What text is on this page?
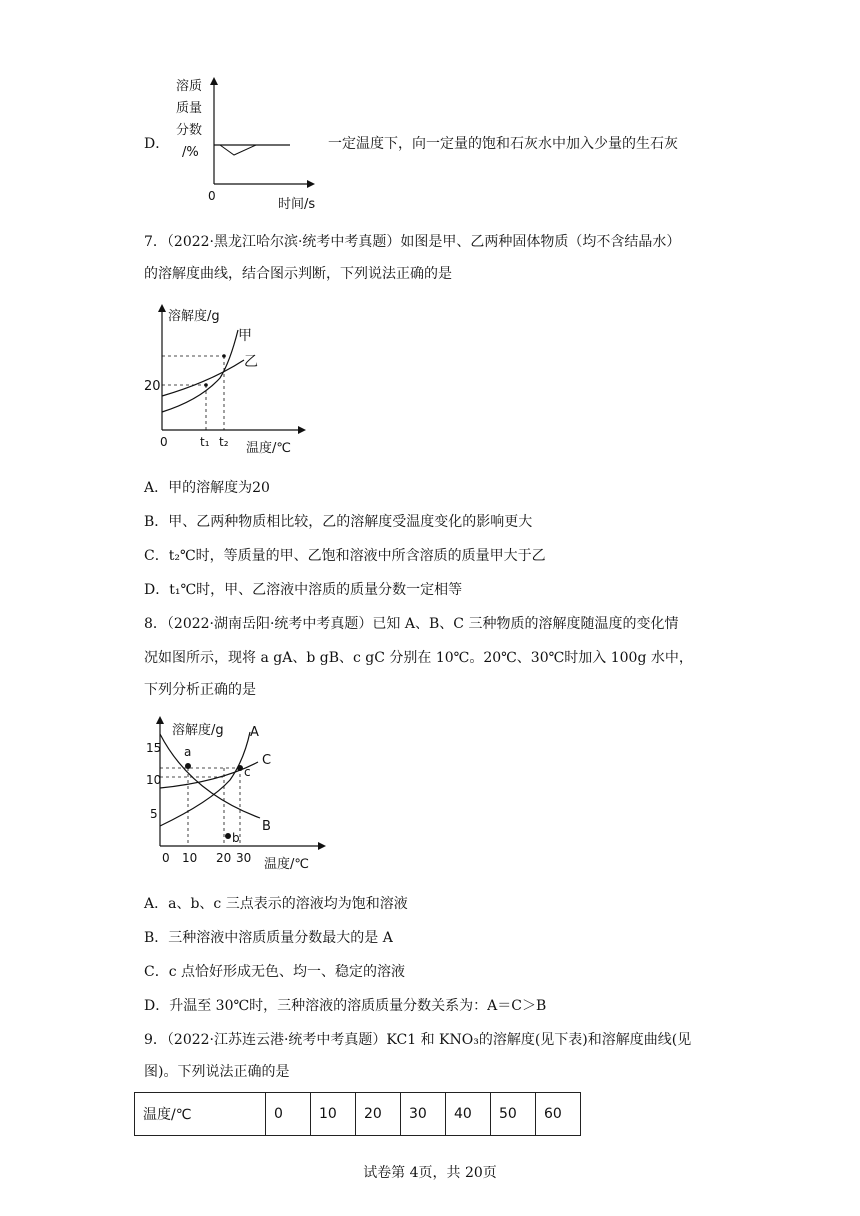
D．
溶质
质量
分数
/%
0
时间/s
一定温度下，向一定量的饱和石灰水中加入少量的生石灰
7．（2022·黑龙江哈尔滨·统考中考真题）如图是甲、乙两种固体物质（均不含结晶水）
的溶解度曲线，结合图示判断，下列说法正确的是
溶解度/g
甲
乙
20
0	t₁ t₂ 温度/℃
A．甲的溶解度为20
B．甲、乙两种物质相比较，乙的溶解度受温度变化的影响更大
C．t₂℃时，等质量的甲、乙饱和溶液中所含溶质的质量甲大于乙
D．t₁℃时，甲、乙溶液中溶质的质量分数一定相等
8．（2022·湖南岳阳·统考中考真题）已知 A、B、C 三种物质的溶解度随温度的变化情
况如图所示，现将 a gA、b gB、c gC 分别在 10℃。20℃、30℃时加入 100g 水中，
下列分析正确的是
溶解度/g
15
10
5
A
C
B
a
b
c
0 10 20 30 温度/℃
A．a、b、c 三点表示的溶液均为饱和溶液
B．三种溶液中溶质质量分数最大的是 A
C．c 点恰好形成无色、均一、稳定的溶液
D．升温至 30℃时，三种溶液的溶质质量分数关系为：A＝C＞B
9．（2022·江苏连云港·统考中考真题）KC1 和 KNO₃的溶解度(见下表)和溶解度曲线(见
图)。下列说法正确的是
温度/℃	0	10	20	30	40	50	60
试卷第 4页，共 20页
